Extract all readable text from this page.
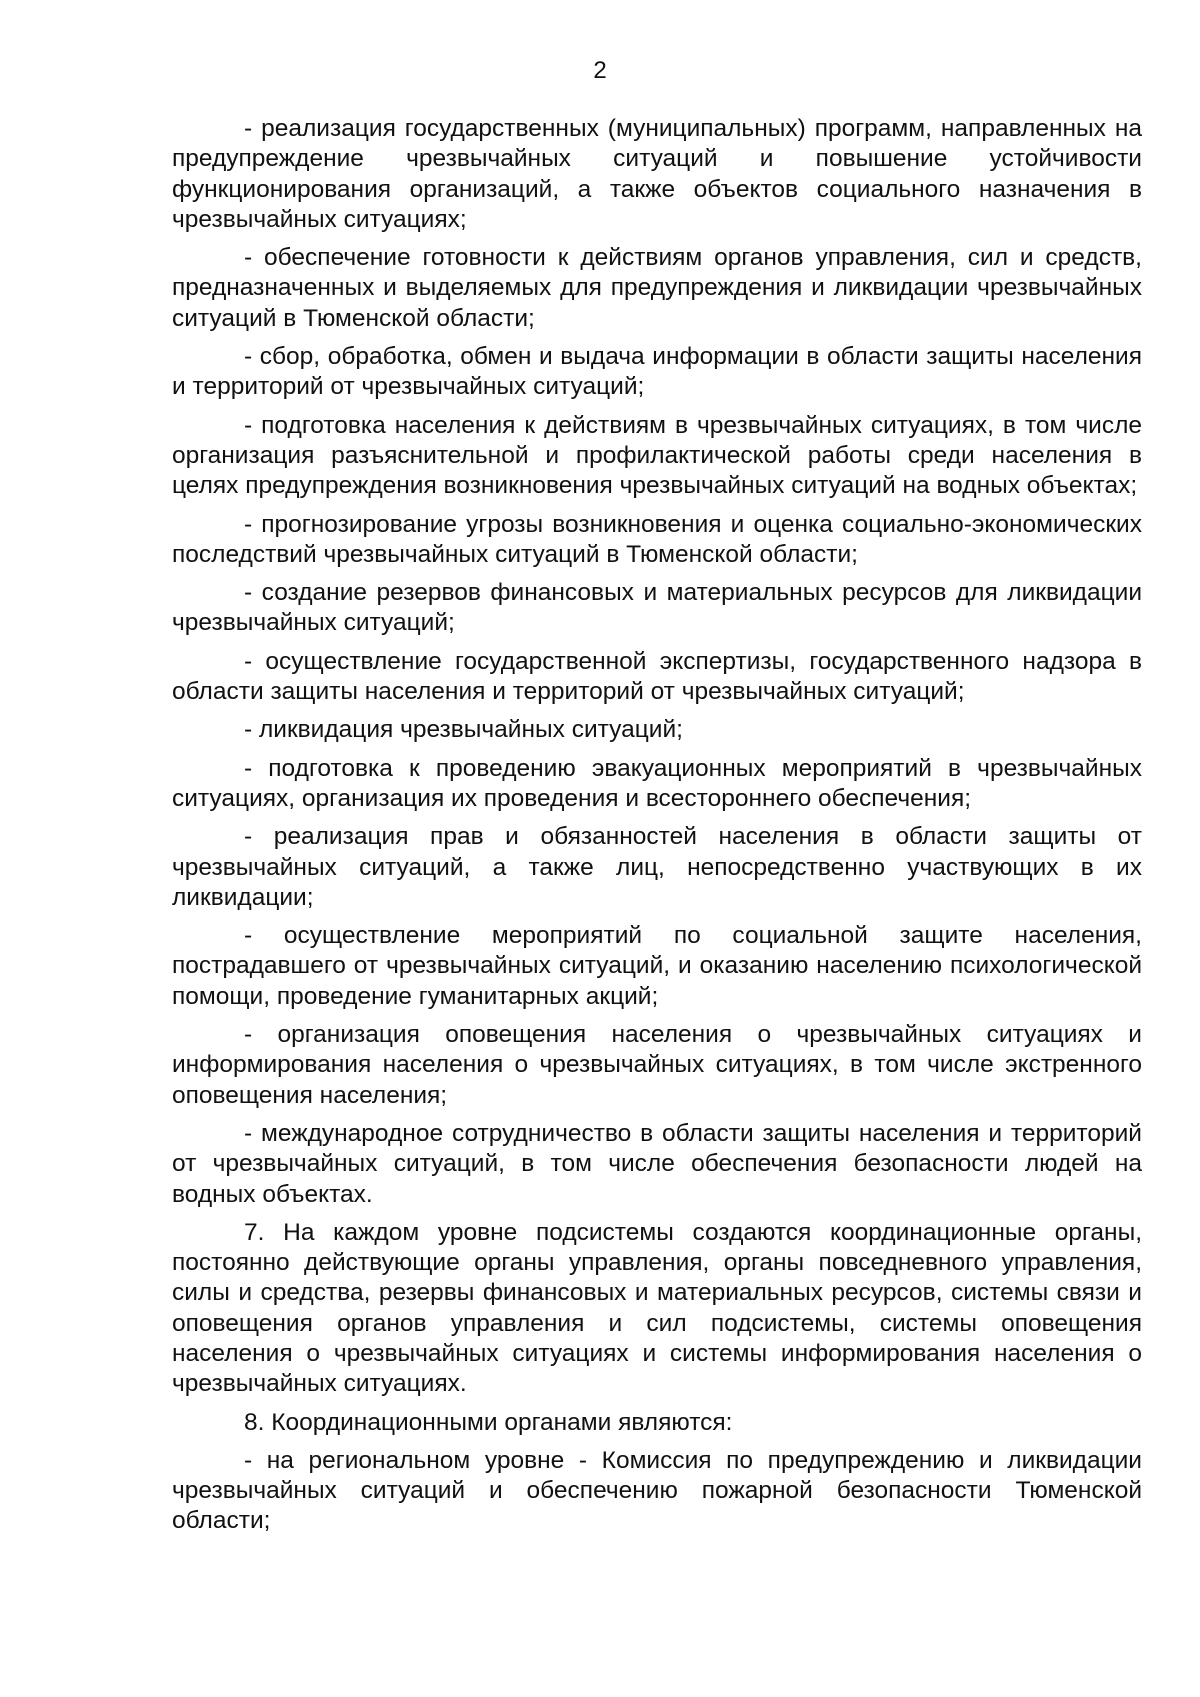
2

- реализация государственных (муниципальных) программ, направленных на предупреждение чрезвычайных ситуаций и повышение устойчивости функционирования организаций, а также объектов социального назначения в чрезвычайных ситуациях;

- обеспечение готовности к действиям органов управления, сил и средств, предназначенных и выделяемых для предупреждения и ликвидации чрезвычайных ситуаций в Тюменской области;

- сбор, обработка, обмен и выдача информации в области защиты населения и территорий от чрезвычайных ситуаций;

- подготовка населения к действиям в чрезвычайных ситуациях, в том числе организация разъяснительной и профилактической работы среди населения в целях предупреждения возникновения чрезвычайных ситуаций на водных объектах;

- прогнозирование угрозы возникновения и оценка социально-экономических последствий чрезвычайных ситуаций в Тюменской области;

- создание резервов финансовых и материальных ресурсов для ликвидации чрезвычайных ситуаций;

- осуществление государственной экспертизы, государственного надзора в области защиты населения и территорий от чрезвычайных ситуаций;

- ликвидация чрезвычайных ситуаций;

- подготовка к проведению эвакуационных мероприятий в чрезвычайных ситуациях, организация их проведения и всестороннего обеспечения;

- реализация прав и обязанностей населения в области защиты от чрезвычайных ситуаций, а также лиц, непосредственно участвующих в их ликвидации;

- осуществление мероприятий по социальной защите населения, пострадавшего от чрезвычайных ситуаций, и оказанию населению психологической помощи, проведение гуманитарных акций;

- организация оповещения населения о чрезвычайных ситуациях и информирования населения о чрезвычайных ситуациях, в том числе экстренного оповещения населения;

- международное сотрудничество в области защиты населения и территорий от чрезвычайных ситуаций, в том числе обеспечения безопасности людей на водных объектах.

7. На каждом уровне подсистемы создаются координационные органы, постоянно действующие органы управления, органы повседневного управления, силы и средства, резервы финансовых и материальных ресурсов, системы связи и оповещения органов управления и сил подсистемы, системы оповещения населения о чрезвычайных ситуациях и системы информирования населения о чрезвычайных ситуациях.

8. Координационными органами являются:

- на региональном уровне - Комиссия по предупреждению и ликвидации чрезвычайных ситуаций и обеспечению пожарной безопасности Тюменской области;
